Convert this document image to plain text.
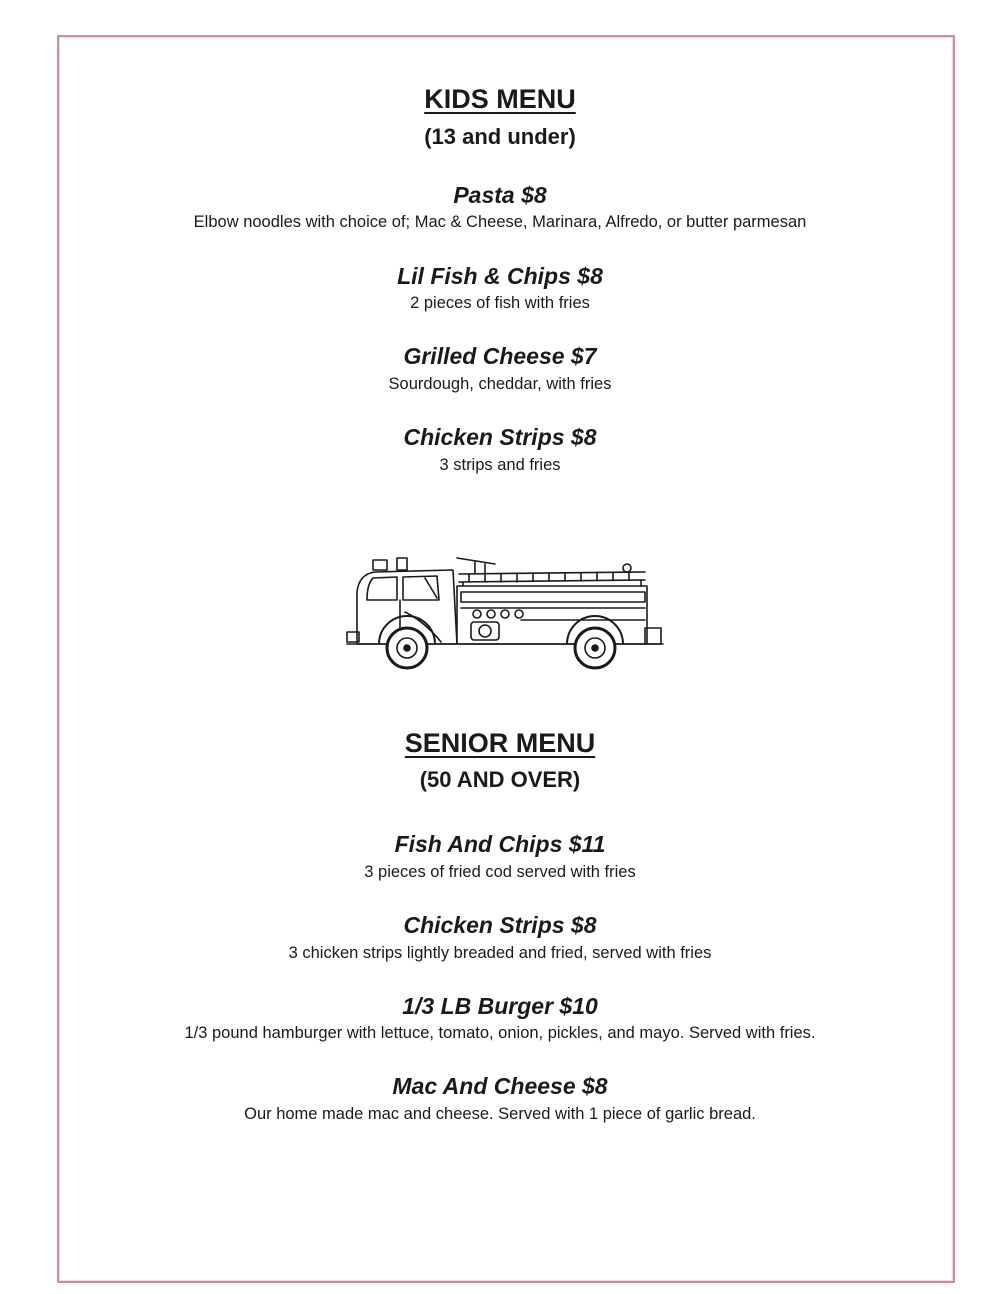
KIDS MENU
(13 and under)
Pasta $8
Elbow noodles with choice of; Mac & Cheese, Marinara, Alfredo, or butter parmesan
Lil Fish & Chips $8
2 pieces of fish with fries
Grilled Cheese $7
Sourdough, cheddar, with fries
Chicken Strips $8
3 strips and fries
SENIOR MENU
(50 AND OVER)
Fish And Chips $11
3 pieces of fried cod served with fries
Chicken Strips $8
3 chicken strips lightly breaded and fried, served with fries
1/3 LB Burger $10
1/3 pound hamburger with lettuce, tomato, onion, pickles, and mayo. Served with fries.
Mac And Cheese $8
Our home made mac and cheese. Served with 1 piece of garlic bread.
